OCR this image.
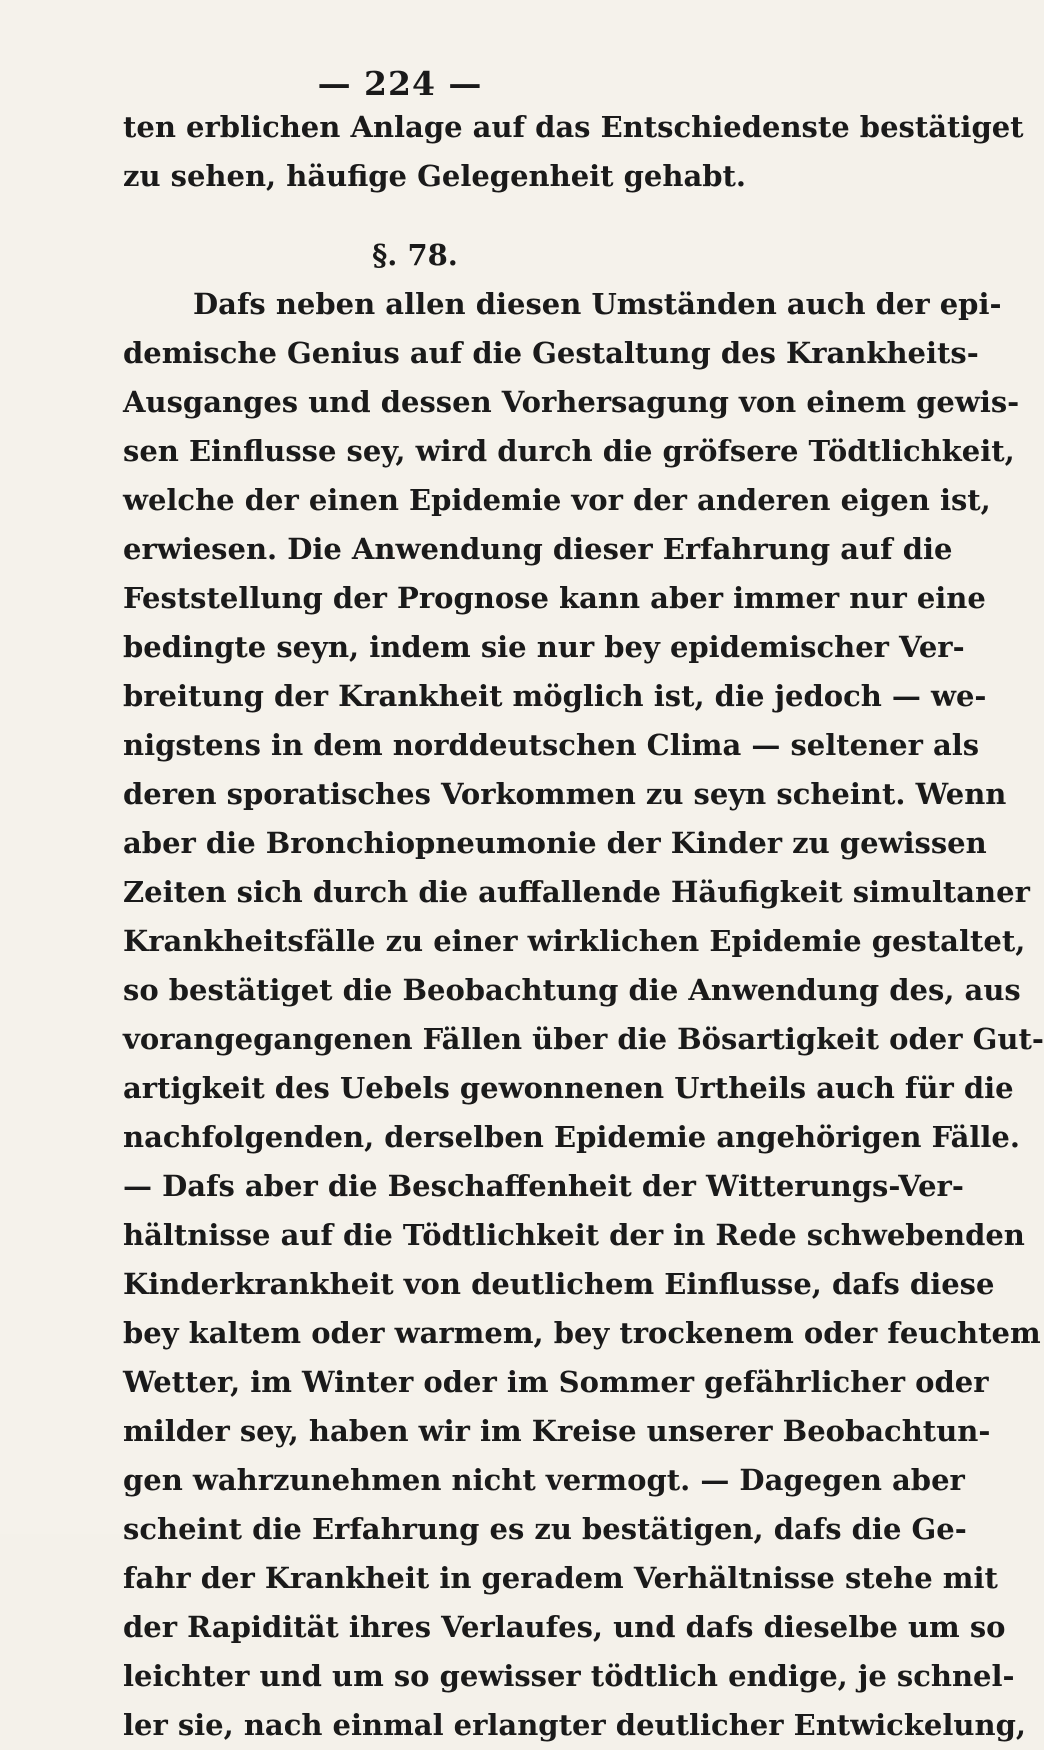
— 224 —
ten erblichen Anlage auf das Entschiedenste bestätiget
zu sehen, häufige Gelegenheit gehabt.
§. 78.
Dafs neben allen diesen Umständen auch der epi-
demische Genius auf die Gestaltung des Krankheits-
Ausganges und dessen Vorhersagung von einem gewis-
sen Einflusse sey, wird durch die gröfsere Tödtlichkeit,
welche der einen Epidemie vor der anderen eigen ist,
erwiesen. Die Anwendung dieser Erfahrung auf die
Feststellung der Prognose kann aber immer nur eine
bedingte seyn, indem sie nur bey epidemischer Ver-
breitung der Krankheit möglich ist, die jedoch — we-
nigstens in dem norddeutschen Clima — seltener als
deren sporatisches Vorkommen zu seyn scheint. Wenn
aber die Bronchiopneumonie der Kinder zu gewissen
Zeiten sich durch die auffallende Häufigkeit simultaner
Krankheitsfälle zu einer wirklichen Epidemie gestaltet,
so bestätiget die Beobachtung die Anwendung des, aus
vorangegangenen Fällen über die Bösartigkeit oder Gut-
artigkeit des Uebels gewonnenen Urtheils auch für die
nachfolgenden, derselben Epidemie angehörigen Fälle.
— Dafs aber die Beschaffenheit der Witterungs-Ver-
hältnisse auf die Tödtlichkeit der in Rede schwebenden
Kinderkrankheit von deutlichem Einflusse, dafs diese
bey kaltem oder warmem, bey trockenem oder feuchtem
Wetter, im Winter oder im Sommer gefährlicher oder
milder sey, haben wir im Kreise unserer Beobachtun-
gen wahrzunehmen nicht vermogt. — Dagegen aber
scheint die Erfahrung es zu bestätigen, dafs die Ge-
fahr der Krankheit in geradem Verhältnisse stehe mit
der Rapidität ihres Verlaufes, und dafs dieselbe um so
leichter und um so gewisser tödtlich endige, je schnel-
ler sie, nach einmal erlangter deutlicher Entwickelung,
